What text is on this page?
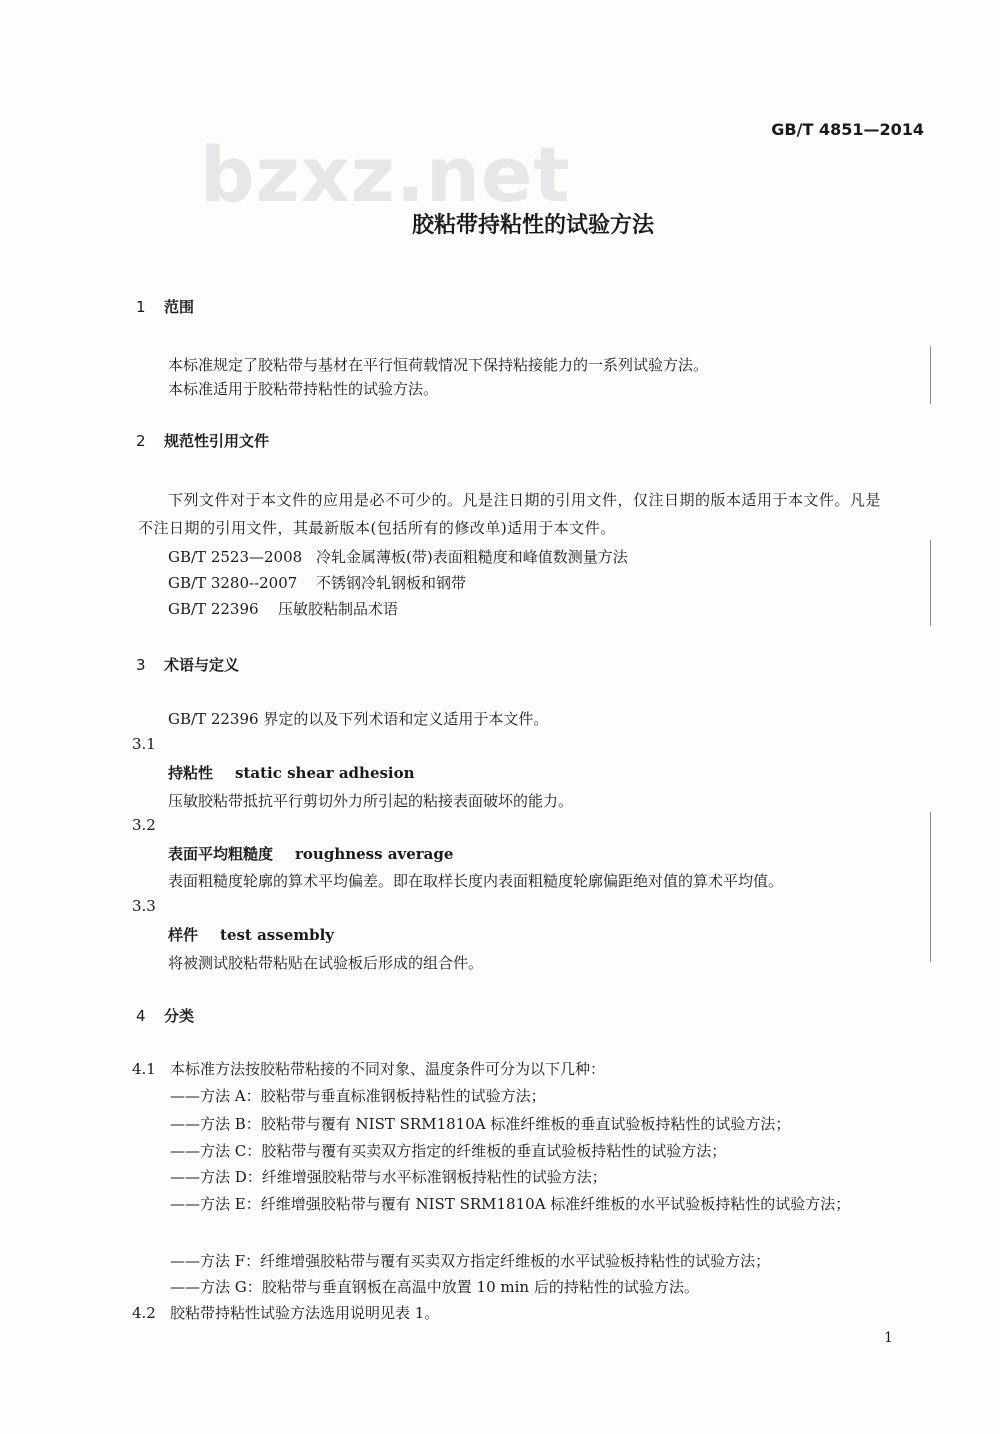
GB/T 4851—2014
bzxz.net
胶粘带持粘性的试验方法
1 范围
本标准规定了胶粘带与基材在平行恒荷载情况下保持粘接能力的一系列试验方法。
本标准适用于胶粘带持粘性的试验方法。
2 规范性引用文件
下列文件对于本文件的应用是必不可少的。凡是注日期的引用文件，仅注日期的版本适用于本文件。凡是不注日期的引用文件，其最新版本(包括所有的修改单)适用于本文件。
GB/T 2523—2008 冷轧金属薄板(带)表面粗糙度和峰值数测量方法
GB/T 3280--2007 不锈钢冷轧钢板和钢带
GB/T 22396 压敏胶粘制品术语
3 术语与定义
GB/T 22396 界定的以及下列术语和定义适用于本文件。
3.1
持粘性 static shear adhesion
压敏胶粘带抵抗平行剪切外力所引起的粘接表面破坏的能力。
3.2
表面平均粗糙度 roughness average
表面粗糙度轮廓的算术平均偏差。即在取样长度内表面粗糙度轮廓偏距绝对值的算术平均值。
3.3
样件 test assembly
将被测试胶粘带粘贴在试验板后形成的组合件。
4 分类
4.1 本标准方法按胶粘带粘接的不同对象、温度条件可分为以下几种：
——方法 A：胶粘带与垂直标准钢板持粘性的试验方法；
——方法 B：胶粘带与覆有 NIST SRM1810A 标准纤维板的垂直试验板持粘性的试验方法；
——方法 C：胶粘带与覆有买卖双方指定的纤维板的垂直试验板持粘性的试验方法；
——方法 D：纤维增强胶粘带与水平标准钢板持粘性的试验方法；
——方法 E：纤维增强胶粘带与覆有 NIST SRM1810A 标准纤维板的水平试验板持粘性的试验方法；
——方法 F：纤维增强胶粘带与覆有买卖双方指定纤维板的水平试验板持粘性的试验方法；
——方法 G：胶粘带与垂直钢板在高温中放置 10 min 后的持粘性的试验方法。
4.2 胶粘带持粘性试验方法选用说明见表 1。
1
